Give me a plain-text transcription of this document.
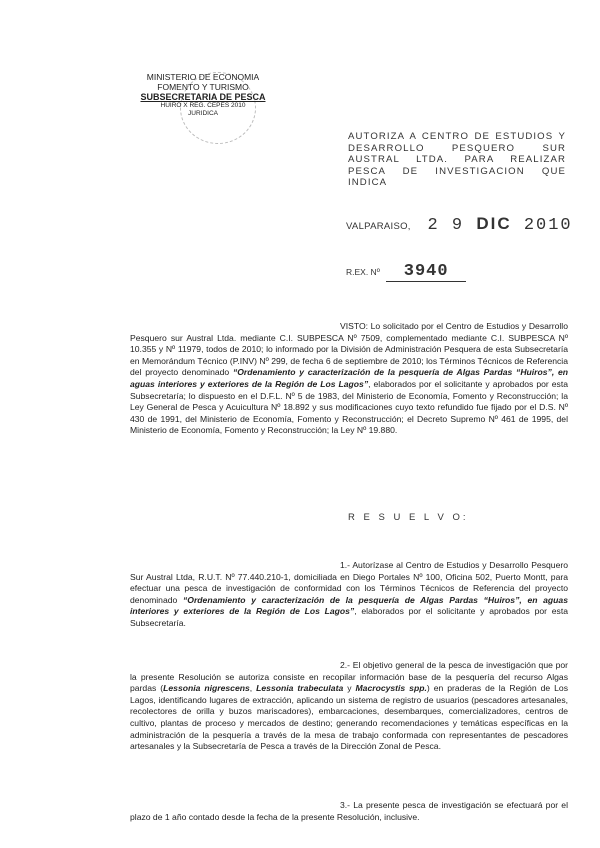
MINISTERIO DE ECONOMIA
FOMENTO Y TURISMO
SUBSECRETARIA DE PESCA
HUIRO X REG. CEPES 2010
JURIDICA
AUTORIZA A CENTRO DE ESTUDIOS Y DESARROLLO PESQUERO SUR AUSTRAL LTDA. PARA REALIZAR PESCA DE INVESTIGACION QUE INDICA
VALPARAISO, 2 9 DIC 2010
R.EX. Nº 3940
VISTO: Lo solicitado por el Centro de Estudios y Desarrollo Pesquero sur Austral Ltda. mediante C.I. SUBPESCA Nº 7509, complementado mediante C.I. SUBPESCA Nº 10.355 y Nº 11979, todos de 2010; lo informado por la División de Administración Pesquera de esta Subsecretaría en Memorándum Técnico (P.INV) Nº 299, de fecha 6 de septiembre de 2010; los Términos Técnicos de Referencia del proyecto denominado “Ordenamiento y caracterización de la pesquería de Algas Pardas “Huiros”, en aguas interiores y exteriores de la Región de Los Lagos”, elaborados por el solicitante y aprobados por esta Subsecretaría; lo dispuesto en el D.F.L. Nº 5 de 1983, del Ministerio de Economía, Fomento y Reconstrucción; la Ley General de Pesca y Acuicultura Nº 18.892 y sus modificaciones cuyo texto refundido fue fijado por el D.S. Nº 430 de 1991, del Ministerio de Economía, Fomento y Reconstrucción; el Decreto Supremo Nº 461 de 1995, del Ministerio de Economía, Fomento y Reconstrucción; la Ley Nº 19.880.
R E S U E L V O:
1.- Autorízase al Centro de Estudios y Desarrollo Pesquero Sur Austral Ltda, R.U.T. Nº 77.440.210-1, domiciliada en Diego Portales Nº 100, Oficina 502, Puerto Montt, para efectuar una pesca de investigación de conformidad con los Términos Técnicos de Referencia del proyecto denominado “Ordenamiento y caracterización de la pesquería de Algas Pardas “Huiros”, en aguas interiores y exteriores de la Región de Los Lagos”, elaborados por el solicitante y aprobados por esta Subsecretaría.
2.- El objetivo general de la pesca de investigación que por la presente Resolución se autoriza consiste en recopilar información base de la pesquería del recurso Algas pardas (Lessonia nigrescens, Lessonia trabeculata y Macrocystis spp.) en praderas de la Región de Los Lagos, identificando lugares de extracción, aplicando un sistema de registro de usuarios (pescadores artesanales, recolectores de orilla y buzos mariscadores), embarcaciones, desembarques, comercializadores, centros de cultivo, plantas de proceso y mercados de destino; generando recomendaciones y temáticas específicas en la administración de la pesquería a través de la mesa de trabajo conformada con representantes de pescadores artesanales y la Subsecretaría de Pesca a través de la Dirección Zonal de Pesca.
3.- La presente pesca de investigación se efectuará por el plazo de 1 año contado desde la fecha de la presente Resolución, inclusive.
